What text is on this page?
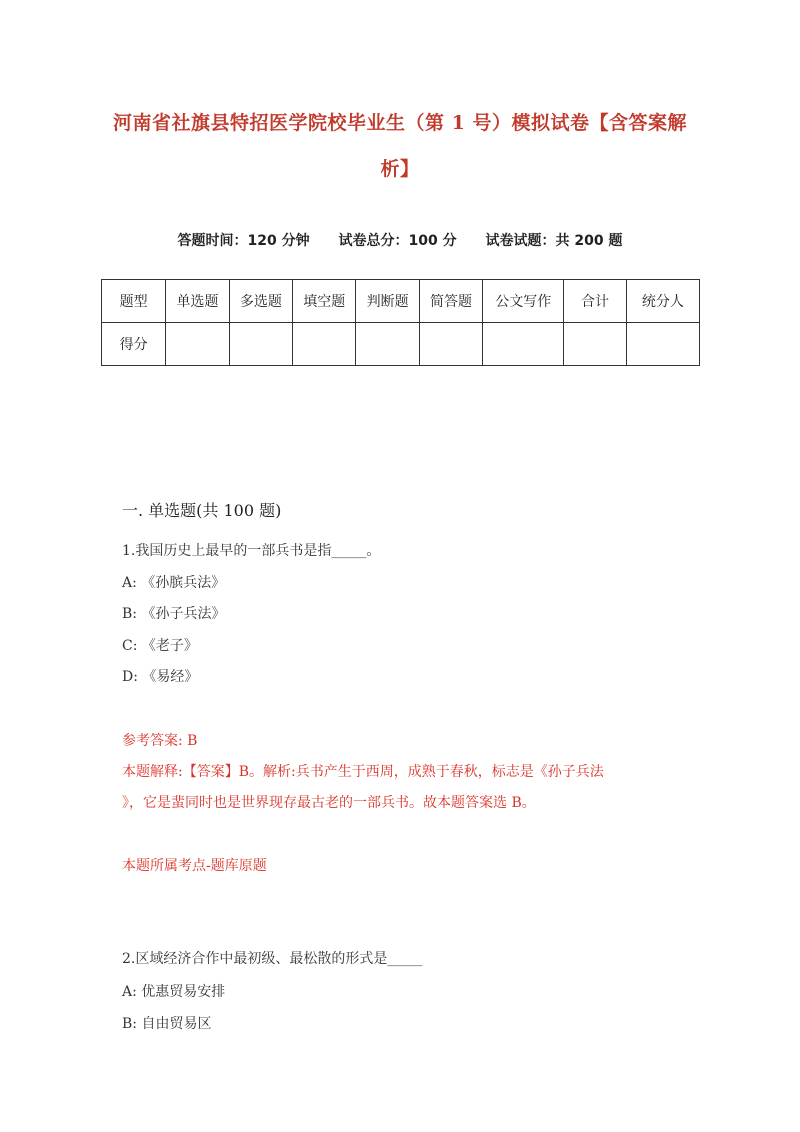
河南省社旗县特招医学院校毕业生（第 1 号）模拟试卷【含答案解
析】
答题时间：120 分钟 试卷总分：100 分 试卷试题：共 200 题
题型	单选题	多选题	填空题	判断题	简答题	公文写作	合计	统分人
得分								
一. 单选题(共 100 题)
1.我国历史上最早的一部兵书是指_____。
A: 《孙膑兵法》
B: 《孙子兵法》
C: 《老子》
D: 《易经》
参考答案: B
本题解释:【答案】B。解析:兵书产生于西周，成熟于春秋，标志是《孙子兵法
》，它是蜚同时也是世界现存最古老的一部兵书。故本题答案选 B。
本题所属考点-题库原题
2.区域经济合作中最初级、最松散的形式是_____
A: 优惠贸易安排
B: 自由贸易区
